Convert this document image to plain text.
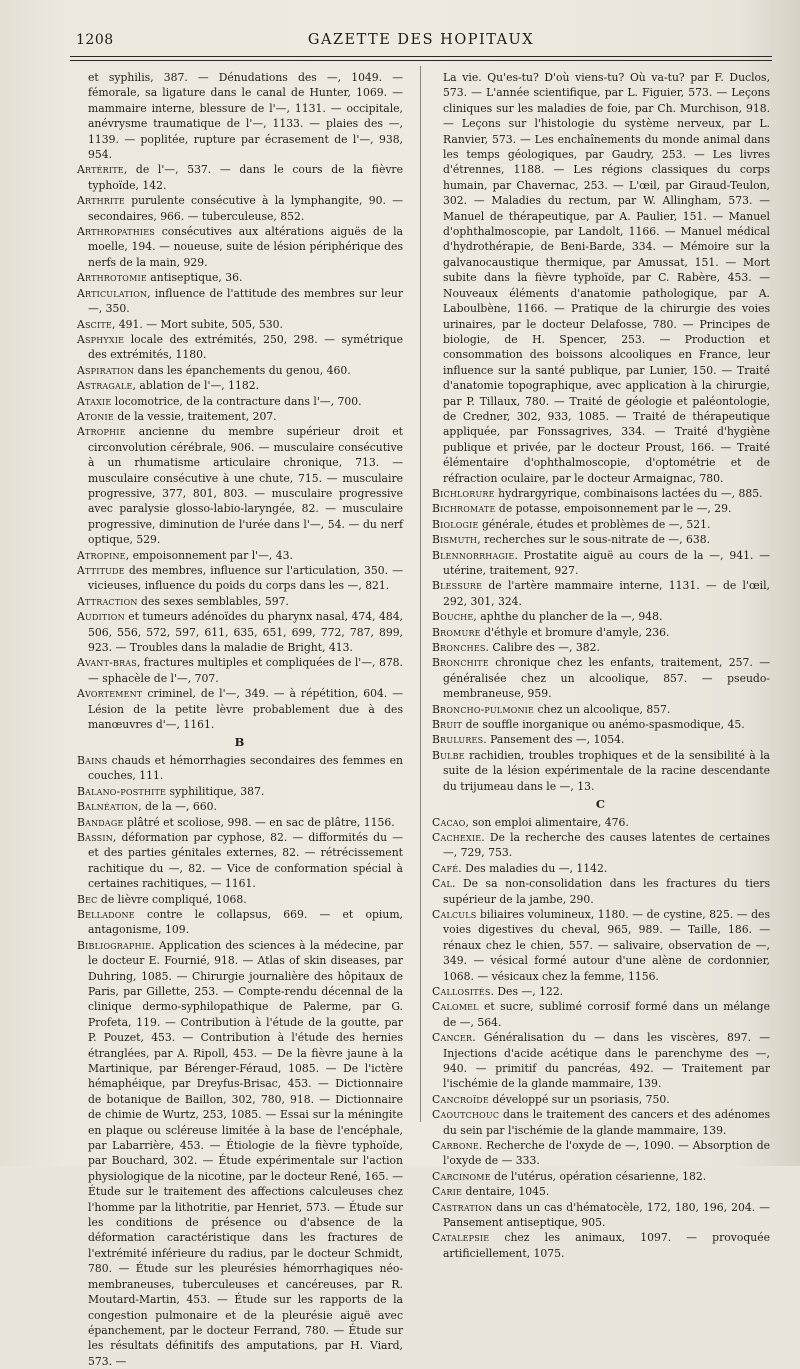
1208	GAZETTE DES HOPITAUX

et syphilis, 387. — Dénudations des —, 1049. — fémorale, sa ligature dans le canal de Hunter, 1069. — mammaire interne, blessure de l'—, 1131. — occipitale, anévrysme traumatique de l'—, 1133. — plaies des —, 1139. — poplitée, rupture par écrasement de l'—, 938, 954.

Artérite, de l'—, 537. — dans le cours de la fièvre typhoïde, 142.

Arthrite purulente consécutive à la lymphangite, 90. — secondaires, 966. — tuberculeuse, 852.

Arthropathies consécutives aux altérations aiguës de la moelle, 194. — noueuse, suite de lésion périphérique des nerfs de la main, 929.

Arthrotomie antiseptique, 36.

Articulation, influence de l'attitude des membres sur leur —, 350.

Ascite, 491. — Mort subite, 505, 530.

Asphyxie locale des extrémités, 250, 298. — symétrique des extrémités, 1180.

Aspiration dans les épanchements du genou, 460.

Astragale, ablation de l'—, 1182.

Ataxie locomotrice, de la contracture dans l'—, 700.

Atonie de la vessie, traitement, 207.

Atrophie ancienne du membre supérieur droit et circonvolution cérébrale, 906. — musculaire consécutive à un rhumatisme articulaire chronique, 713. — musculaire consécutive à une chute, 715. — musculaire progressive, 377, 801, 803. — musculaire progressive avec paralysie glosso-labio-laryngée, 82. — musculaire progressive, diminution de l'urée dans l'—, 54. — du nerf optique, 529.

Atropine, empoisonnement par l'—, 43.

Attitude des membres, influence sur l'articulation, 350. — vicieuses, influence du poids du corps dans les —, 821.

Attraction des sexes semblables, 597.

Audition et tumeurs adénoïdes du pharynx nasal, 474, 484, 506, 556, 572, 597, 611, 635, 651, 699, 772, 787, 899, 923. — Troubles dans la maladie de Bright, 413.

Avant-bras, fractures multiples et compliquées de l'—, 878. — sphacèle de l'—, 707.

Avortement criminel, de l'—, 349. — à répétition, 604. — Lésion de la petite lèvre probablement due à des manœuvres d'—, 1161.

B

Bains chauds et hémorrhagies secondaires des femmes en couches, 111.

Balano-posthite syphilitique, 387.

Balnéation, de la —, 660.

Bandage plâtré et scoliose, 998. — en sac de plâtre, 1156.

Bassin, déformation par cyphose, 82. — difformités du — et des parties génitales externes, 82. — rétrécissement rachitique du —, 82. — Vice de conformation spécial à certaines rachitiques, — 1161.

Bec de lièvre compliqué, 1068.

Belladone contre le collapsus, 669. — et opium, antagonisme, 109.

Bibliographie. Application des sciences à la médecine, par le docteur E. Fournié, 918. — Atlas of skin diseases, par Duhring, 1085. — Chirurgie journalière des hôpitaux de Paris, par Gillette, 253. — Compte-rendu décennal de la clinique dermo-syphilopathique de Palerme, par G. Profeta, 119. — Contribution à l'étude de la goutte, par P. Pouzet, 453. — Contribution à l'étude des hernies étranglées, par A. Ripoll, 453. — De la fièvre jaune à la Martinique, par Bérenger-Féraud, 1085. — De l'ictère hémaphéique, par Dreyfus-Brisac, 453. — Dictionnaire de botanique de Baillon, 302, 780, 918. — Dictionnaire de chimie de Wurtz, 253, 1085. — Essai sur la méningite en plaque ou scléreuse limitée à la base de l'encéphale, par Labarrière, 453. — Étiologie de la fièvre typhoïde, par Bouchard, 302. — Étude expérimentale sur l'action physiologique de la nicotine, par le docteur René, 165. — Étude sur le traitement des affections calculeuses chez l'homme par la lithotritie, par Henriet, 573. — Étude sur les conditions de présence ou d'absence de la déformation caractéristique dans les fractures de l'extrémité inférieure du radius, par le docteur Schmidt, 780. — Étude sur les pleurésies hémorrhagiques néo-membraneuses, tuberculeuses et cancéreuses, par R. Moutard-Martin, 453. — Étude sur les rapports de la congestion pulmonaire et de la pleurésie aiguë avec épanchement, par le docteur Ferrand, 780. — Étude sur les résultats définitifs des amputations, par H. Viard, 573. —

La vie. Qu'es-tu? D'où viens-tu? Où va-tu? par F. Duclos, 573. — L'année scientifique, par L. Figuier, 573. — Leçons cliniques sur les maladies de foie, par Ch. Murchison, 918. — Leçons sur l'histologie du système nerveux, par L. Ranvier, 573. — Les enchaînements du monde animal dans les temps géologiques, par Gaudry, 253. — Les livres d'étrennes, 1188. — Les régions classiques du corps humain, par Chavernac, 253. — L'œil, par Giraud-Teulon, 302. — Maladies du rectum, par W. Allingham, 573. — Manuel de thérapeutique, par A. Paulier, 151. — Manuel d'ophthalmoscopie, par Landolt, 1166. — Manuel médical d'hydrothérapie, de Beni-Barde, 334. — Mémoire sur la galvanocaustique thermique, par Amussat, 151. — Mort subite dans la fièvre typhoïde, par C. Rabère, 453. — Nouveaux éléments d'anatomie pathologique, par A. Laboulbène, 1166. — Pratique de la chirurgie des voies urinaires, par le docteur Delafosse, 780. — Principes de biologie, de H. Spencer, 253. — Production et consommation des boissons alcooliques en France, leur influence sur la santé publique, par Lunier, 150. — Traité d'anatomie topographique, avec application à la chirurgie, par P. Tillaux, 780. — Traité de géologie et paléontologie, de Credner, 302, 933, 1085. — Traité de thérapeutique appliquée, par Fonssagrives, 334. — Traité d'hygiène publique et privée, par le docteur Proust, 166. — Traité élémentaire d'ophthalmoscopie, d'optométrie et de réfraction oculaire, par le docteur Armaignac, 780.

Bichlorure hydrargyrique, combinaisons lactées du —, 885.

Bichromate de potasse, empoisonnement par le —, 29.

Biologie générale, études et problèmes de —, 521.

Bismuth, recherches sur le sous-nitrate de —, 638.

Blennorrhagie. Prostatite aiguë au cours de la —, 941. — utérine, traitement, 927.

Blessure de l'artère mammaire interne, 1131. — de l'œil, 292, 301, 324.

Bouche, aphthe du plancher de la —, 948.

Bromure d'éthyle et bromure d'amyle, 236.

Bronches. Calibre des —, 382.

Bronchite chronique chez les enfants, traitement, 257. — généralisée chez un alcoolique, 857. — pseudo-membraneuse, 959.

Broncho-pulmonie chez un alcoolique, 857.

Bruit de souffle inorganique ou anémo-spasmodique, 45.

Brulures. Pansement des —, 1054.

Bulbe rachidien, troubles trophiques et de la sensibilité à la suite de la lésion expérimentale de la racine descendante du trijumeau dans le —, 13.

C

Cacao, son emploi alimentaire, 476.

Cachexie. De la recherche des causes latentes de certaines —, 729, 753.

Café. Des maladies du —, 1142.

Cal. De sa non-consolidation dans les fractures du tiers supérieur de la jambe, 290.

Calculs biliaires volumineux, 1180. — de cystine, 825. — des voies digestives du cheval, 965, 989. — Taille, 186. — rénaux chez le chien, 557. — salivaire, observation de —, 349. — vésical formé autour d'une alène de cordonnier, 1068. — vésicaux chez la femme, 1156.

Callosités. Des —, 122.

Calomel et sucre, sublimé corrosif formé dans un mélange de —, 564.

Cancer. Généralisation du — dans les viscères, 897. — Injections d'acide acétique dans le parenchyme des —, 940. — primitif du pancréas, 492. — Traitement par l'ischémie de la glande mammaire, 139.

Cancroïde développé sur un psoriasis, 750.

Caoutchouc dans le traitement des cancers et des adénomes du sein par l'ischémie de la glande mammaire, 139.

Carbone. Recherche de l'oxyde de —, 1090. — Absorption de l'oxyde de — 333.

Carcinome de l'utérus, opération césarienne, 182.

Carie dentaire, 1045.

Castration dans un cas d'hématocèle, 172, 180, 196, 204. — Pansement antiseptique, 905.

Catalepsie chez les animaux, 1097. — provoquée artificiellement, 1075.
